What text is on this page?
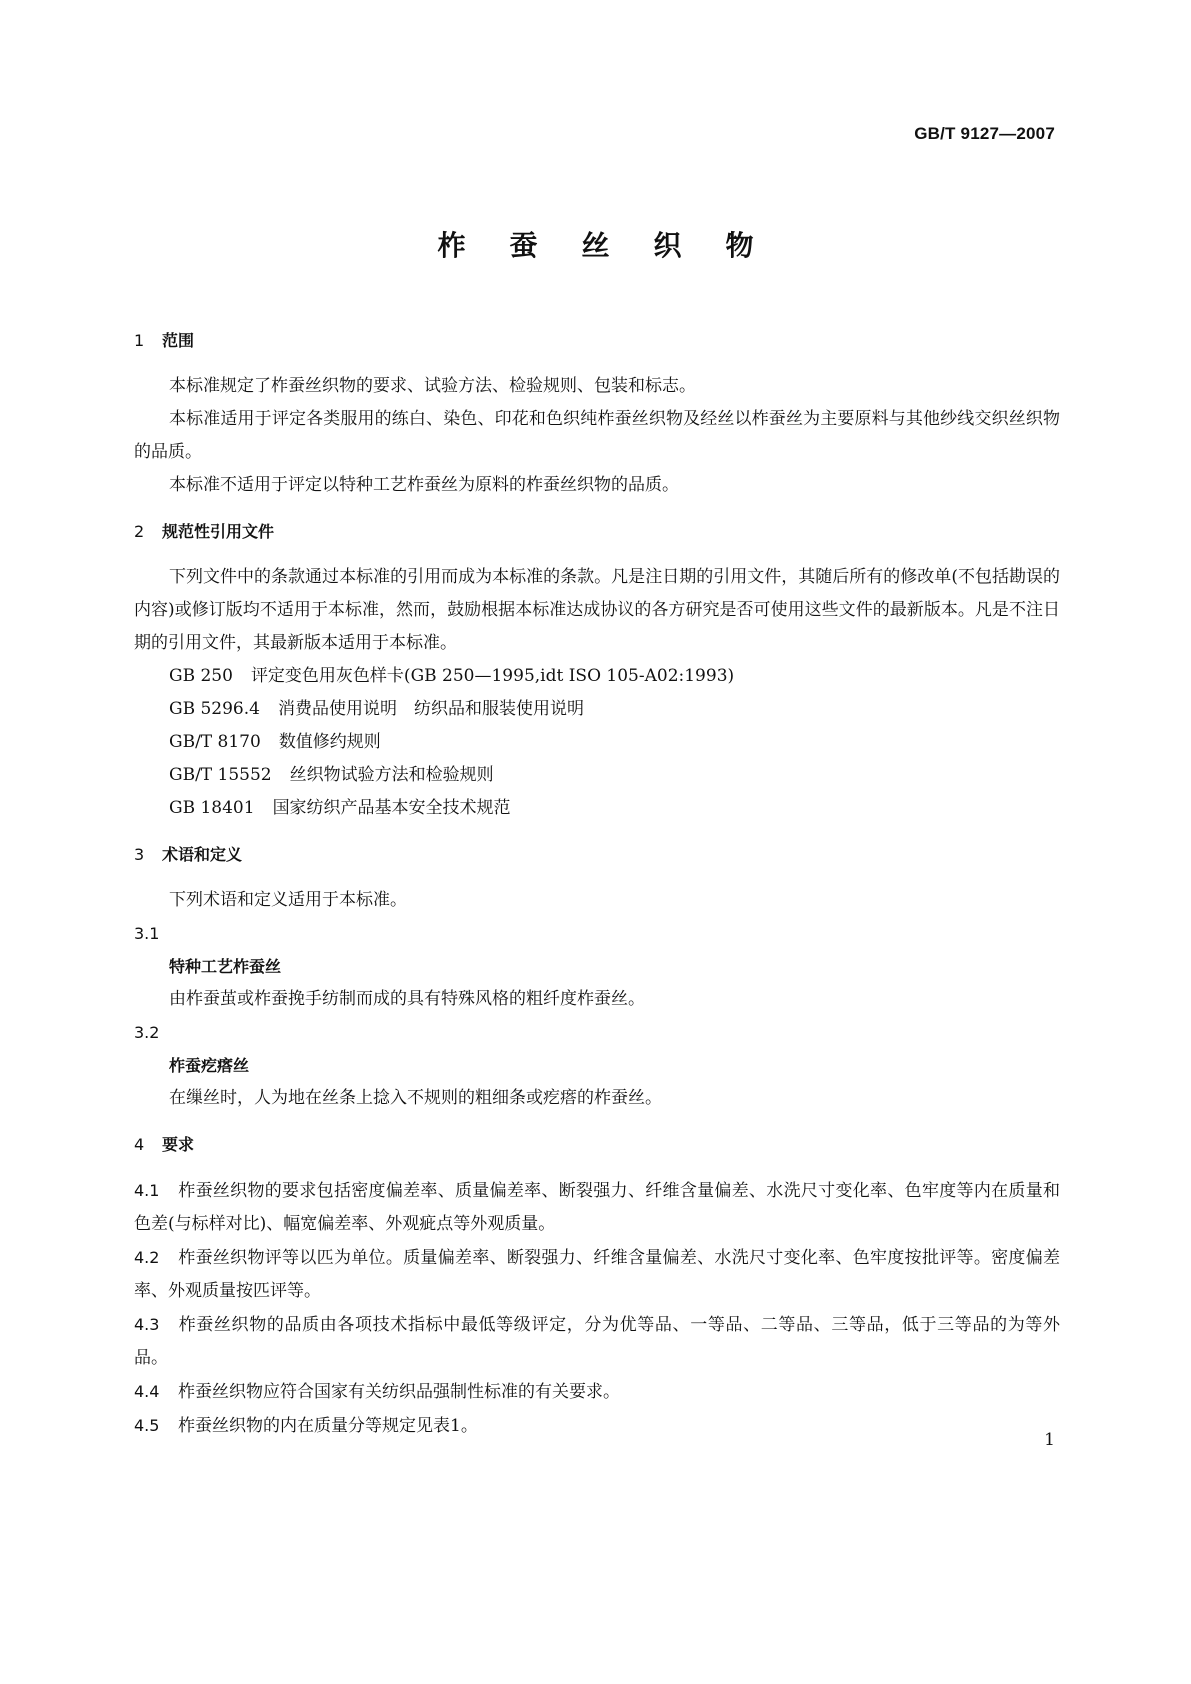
GB/T 9127—2007
柞蚕丝织物
1 范围

本标准规定了柞蚕丝织物的要求、试验方法、检验规则、包装和标志。

本标准适用于评定各类服用的练白、染色、印花和色织纯柞蚕丝织物及经丝以柞蚕丝为主要原料与其他纱线交织丝织物的品质。

本标准不适用于评定以特种工艺柞蚕丝为原料的柞蚕丝织物的品质。

2 规范性引用文件

下列文件中的条款通过本标准的引用而成为本标准的条款。凡是注日期的引用文件，其随后所有的修改单(不包括勘误的内容)或修订版均不适用于本标准，然而，鼓励根据本标准达成协议的各方研究是否可使用这些文件的最新版本。凡是不注日期的引用文件，其最新版本适用于本标准。

GB 250 评定变色用灰色样卡(GB 250—1995,idt ISO 105-A02:1993)

GB 5296.4 消费品使用说明　纺织品和服装使用说明

GB/T 8170 数值修约规则

GB/T 15552 丝织物试验方法和检验规则

GB 18401 国家纺织产品基本安全技术规范

3 术语和定义

下列术语和定义适用于本标准。

3.1

特种工艺柞蚕丝

由柞蚕茧或柞蚕挽手纺制而成的具有特殊风格的粗纤度柞蚕丝。

3.2

柞蚕疙瘩丝

在缫丝时，人为地在丝条上捻入不规则的粗细条或疙瘩的柞蚕丝。

4 要求

4.1 柞蚕丝织物的要求包括密度偏差率、质量偏差率、断裂强力、纤维含量偏差、水洗尺寸变化率、色牢度等内在质量和色差(与标样对比)、幅宽偏差率、外观疵点等外观质量。

4.2 柞蚕丝织物评等以匹为单位。质量偏差率、断裂强力、纤维含量偏差、水洗尺寸变化率、色牢度按批评等。密度偏差率、外观质量按匹评等。

4.3 柞蚕丝织物的品质由各项技术指标中最低等级评定，分为优等品、一等品、二等品、三等品，低于三等品的为等外品。

4.4 柞蚕丝织物应符合国家有关纺织品强制性标准的有关要求。

4.5 柞蚕丝织物的内在质量分等规定见表1。

1
